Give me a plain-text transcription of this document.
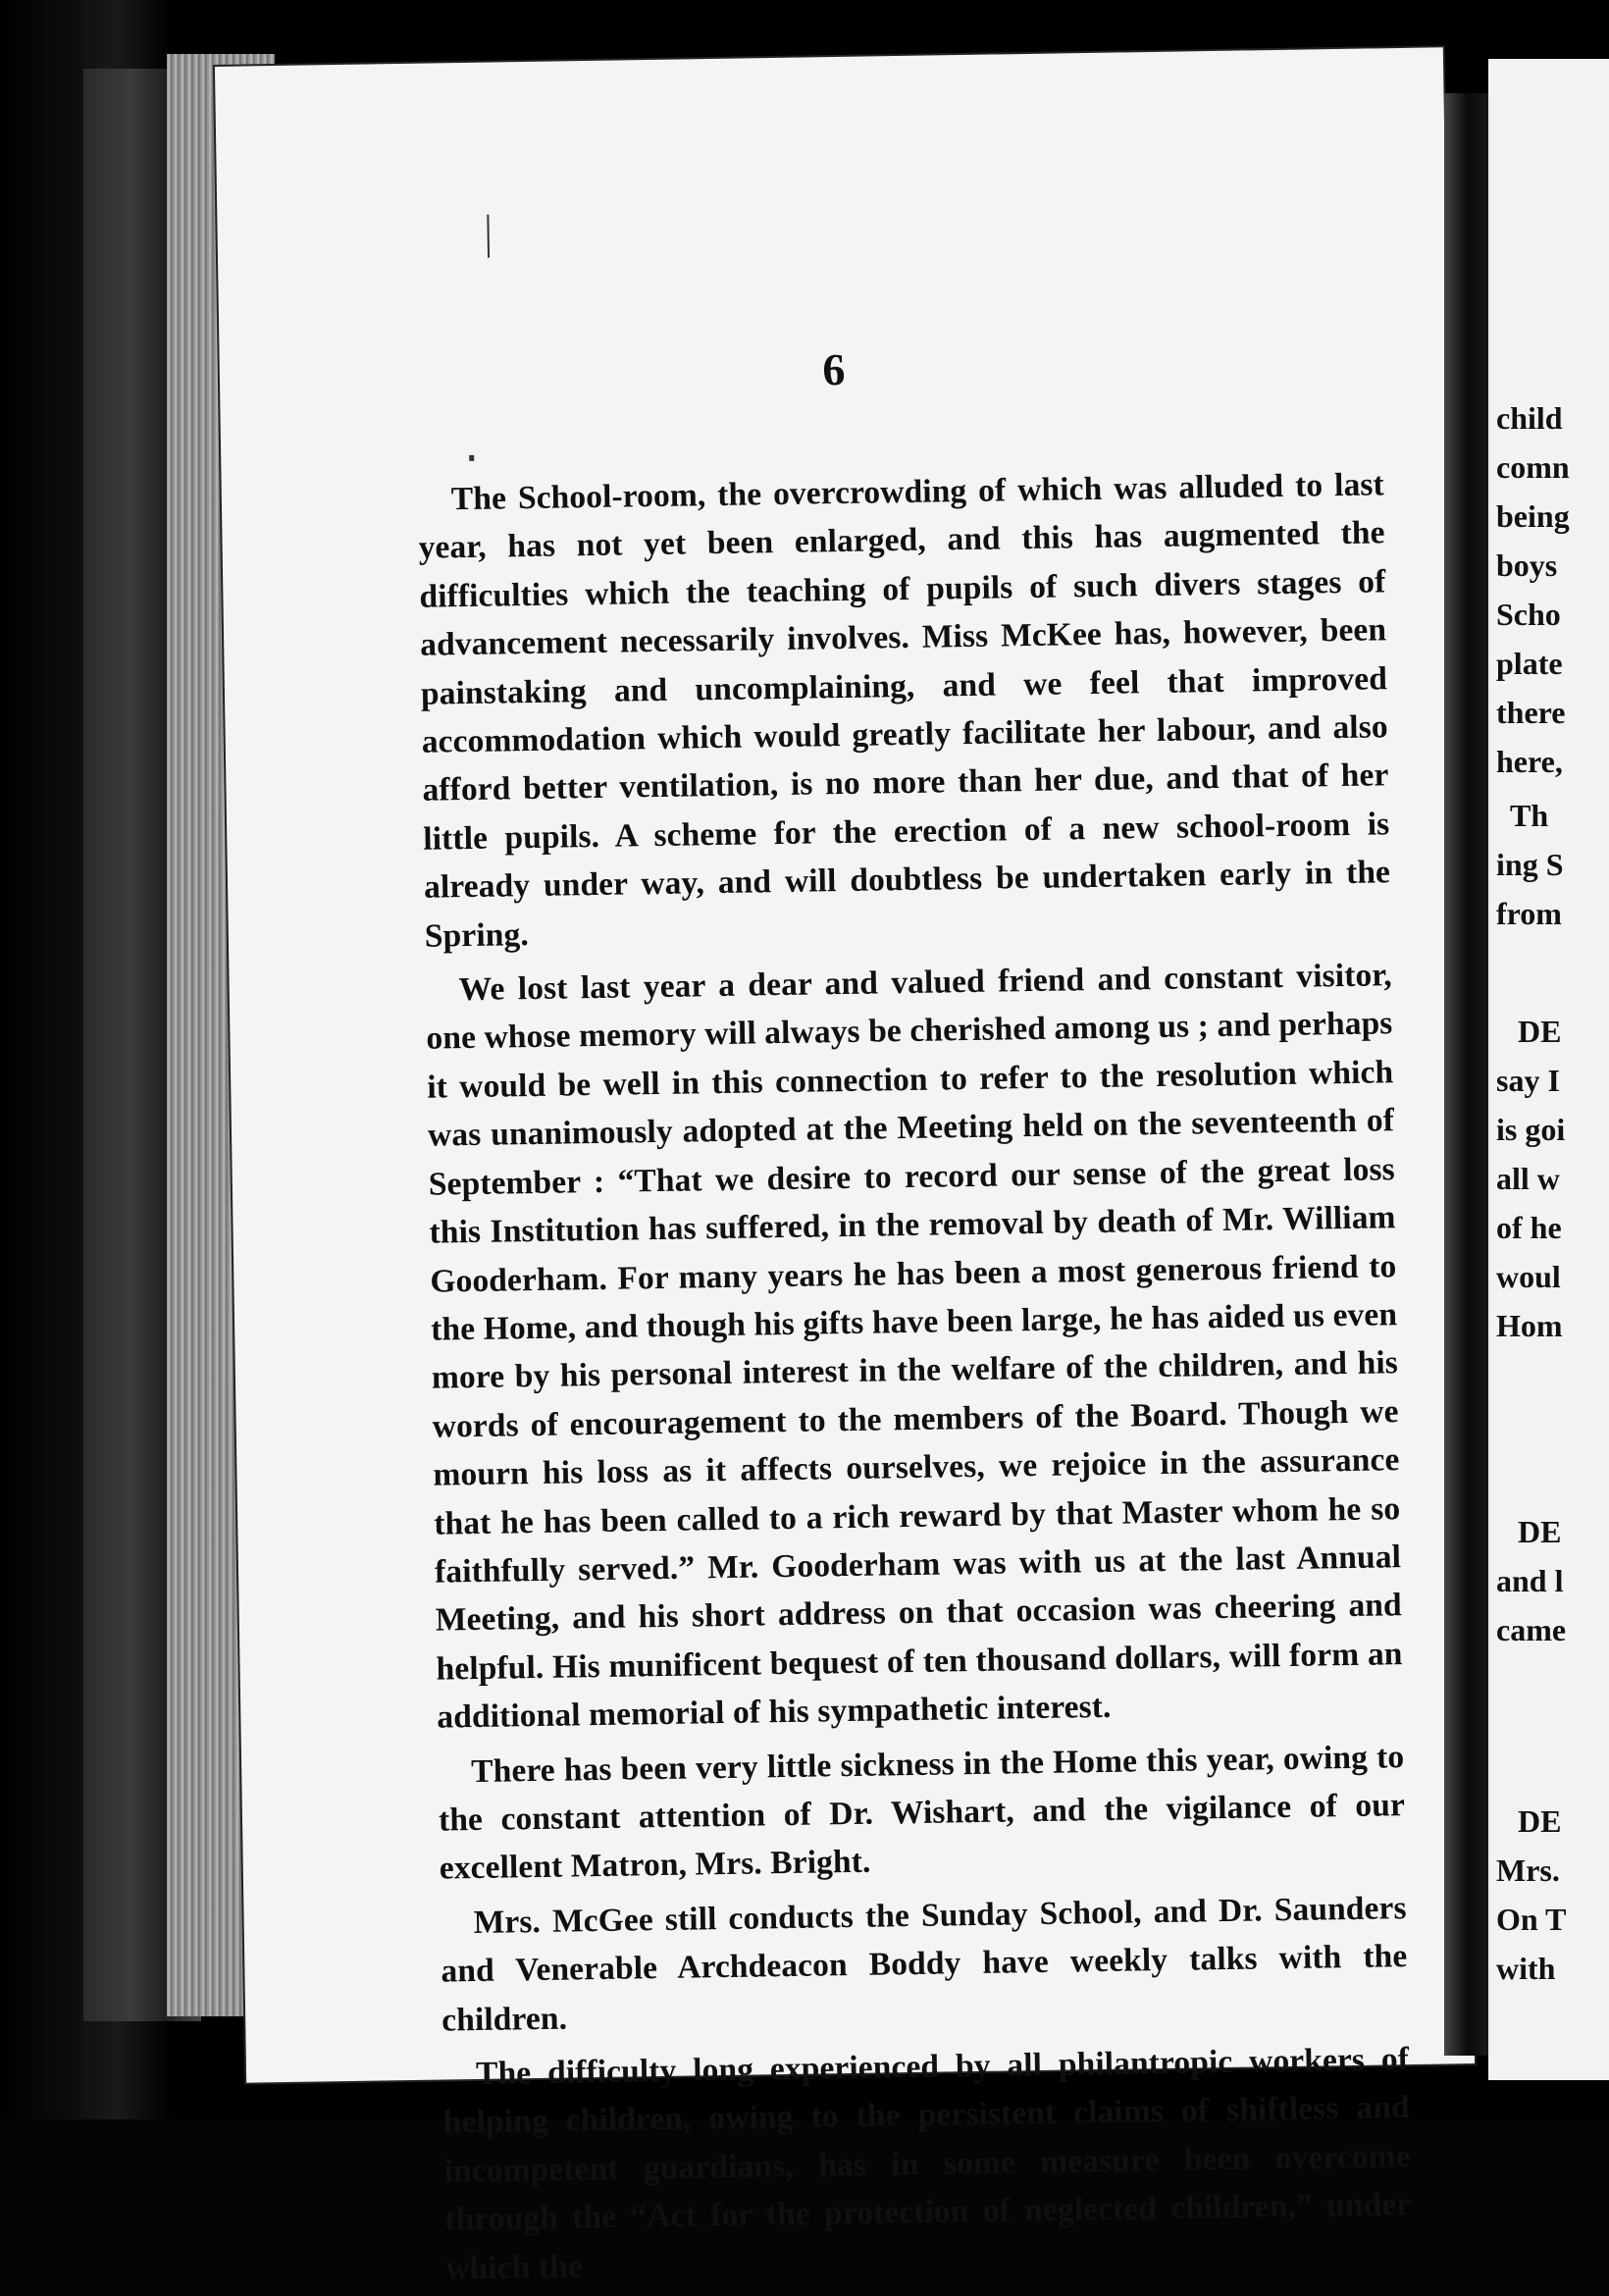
6

The School-room, the overcrowding of which was alluded to last year, has not yet been enlarged, and this has augmented the difficulties which the teaching of pupils of such divers stages of advancement necessarily involves. Miss McKee has, however, been painstaking and uncomplaining, and we feel that improved accommodation which would greatly facilitate her labour, and also afford better ventilation, is no more than her due, and that of her little pupils. A scheme for the erection of a new school-room is already under way, and will doubtless be undertaken early in the Spring.

We lost last year a dear and valued friend and constant visitor, one whose memory will always be cherished among us ; and perhaps it would be well in this connection to refer to the resolution which was unanimously adopted at the Meeting held on the seventeenth of September : “That we desire to record our sense of the great loss this Institution has suffered, in the removal by death of Mr. William Gooderham. For many years he has been a most generous friend to the Home, and though his gifts have been large, he has aided us even more by his personal interest in the welfare of the children, and his words of encouragement to the members of the Board. Though we mourn his loss as it affects ourselves, we rejoice in the assurance that he has been called to a rich reward by that Master whom he so faithfully served.” Mr. Gooderham was with us at the last Annual Meeting, and his short address on that occasion was cheering and helpful. His munificent bequest of ten thousand dollars, will form an additional memorial of his sympathetic interest.

There has been very little sickness in the Home this year, owing to the constant attention of Dr. Wishart, and the vigilance of our excellent Matron, Mrs. Bright.

Mrs. McGee still conducts the Sunday School, and Dr. Saunders and Venerable Archdeacon Boddy have weekly talks with the children.

The difficulty long experienced by all philantropic workers of helping children, owing to the persistent claims of shiftless and incompetent guardians, has in some measure been overcome through the “Act for the protection of neglected children,” under which the

child
comn
being
boys
Scho
plate
there
here,
Th
ing S
from
DE
say I
is goi
all w
of he
woul
Hom
DE
and l
came
DE
Mrs.
On T
with
